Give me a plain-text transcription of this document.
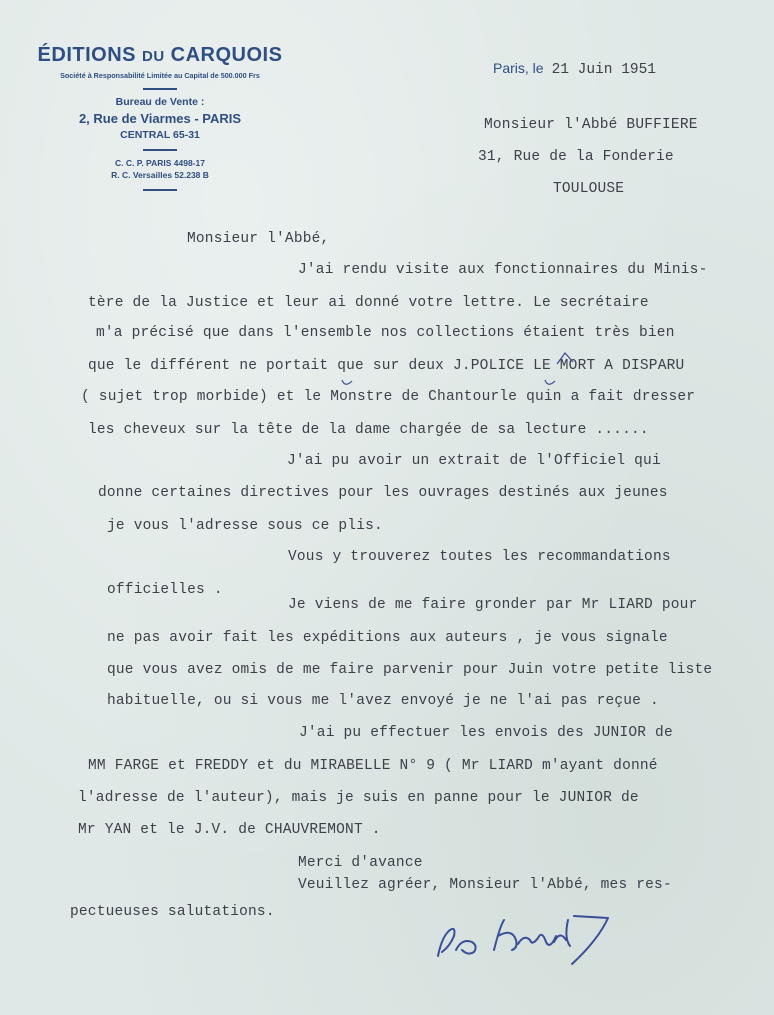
ÉDITIONS DU CARQUOIS
Société à Responsabilité Limitée au Capital de 500.000 Frs
Bureau de Vente :
2, Rue de Viarmes - PARIS
CENTRAL 65-31
C. C. P. PARIS 4498-17
R. C. Versailles 52.238 B
Paris, le 21 Juin 1951
Monsieur l'Abbé BUFFIERE
31, Rue de la Fonderie
TOULOUSE
Monsieur l'Abbé,
J'ai rendu visite aux fonctionnaires du Minis-
tère de la Justice et leur ai donné votre lettre. Le secrétaire
m'a précisé que dans l'ensemble nos collections étaient très bien
que le différent ne portait que sur deux J.POLICE LE MORT A DISPARU
( sujet trop morbide) et le Monstre de Chantourle quin a fait dresser
les cheveux sur la tête de la dame chargée de sa lecture ......
J'ai pu avoir un extrait de l'Officiel qui
donne certaines directives pour les ouvrages destinés aux jeunes
je vous l'adresse sous ce plis.
Vous y trouverez toutes les recommandations
officielles .
Je viens de me faire gronder par Mr LIARD pour
ne pas avoir fait les expéditions aux auteurs , je vous signale
que vous avez omis de me faire parvenir pour Juin votre petite liste
habituelle, ou si vous me l'avez envoyé je ne l'ai pas reçue .
J'ai pu effectuer les envois des JUNIOR de
MM FARGE et FREDDY et du MIRABELLE N° 9 ( Mr LIARD m'ayant donné
l'adresse de l'auteur), mais je suis en panne pour le JUNIOR de
Mr YAN et le J.V. de CHAUVREMONT .
Merci d'avance
Veuillez agréer, Monsieur l'Abbé, mes res-
pectueuses salutations.
